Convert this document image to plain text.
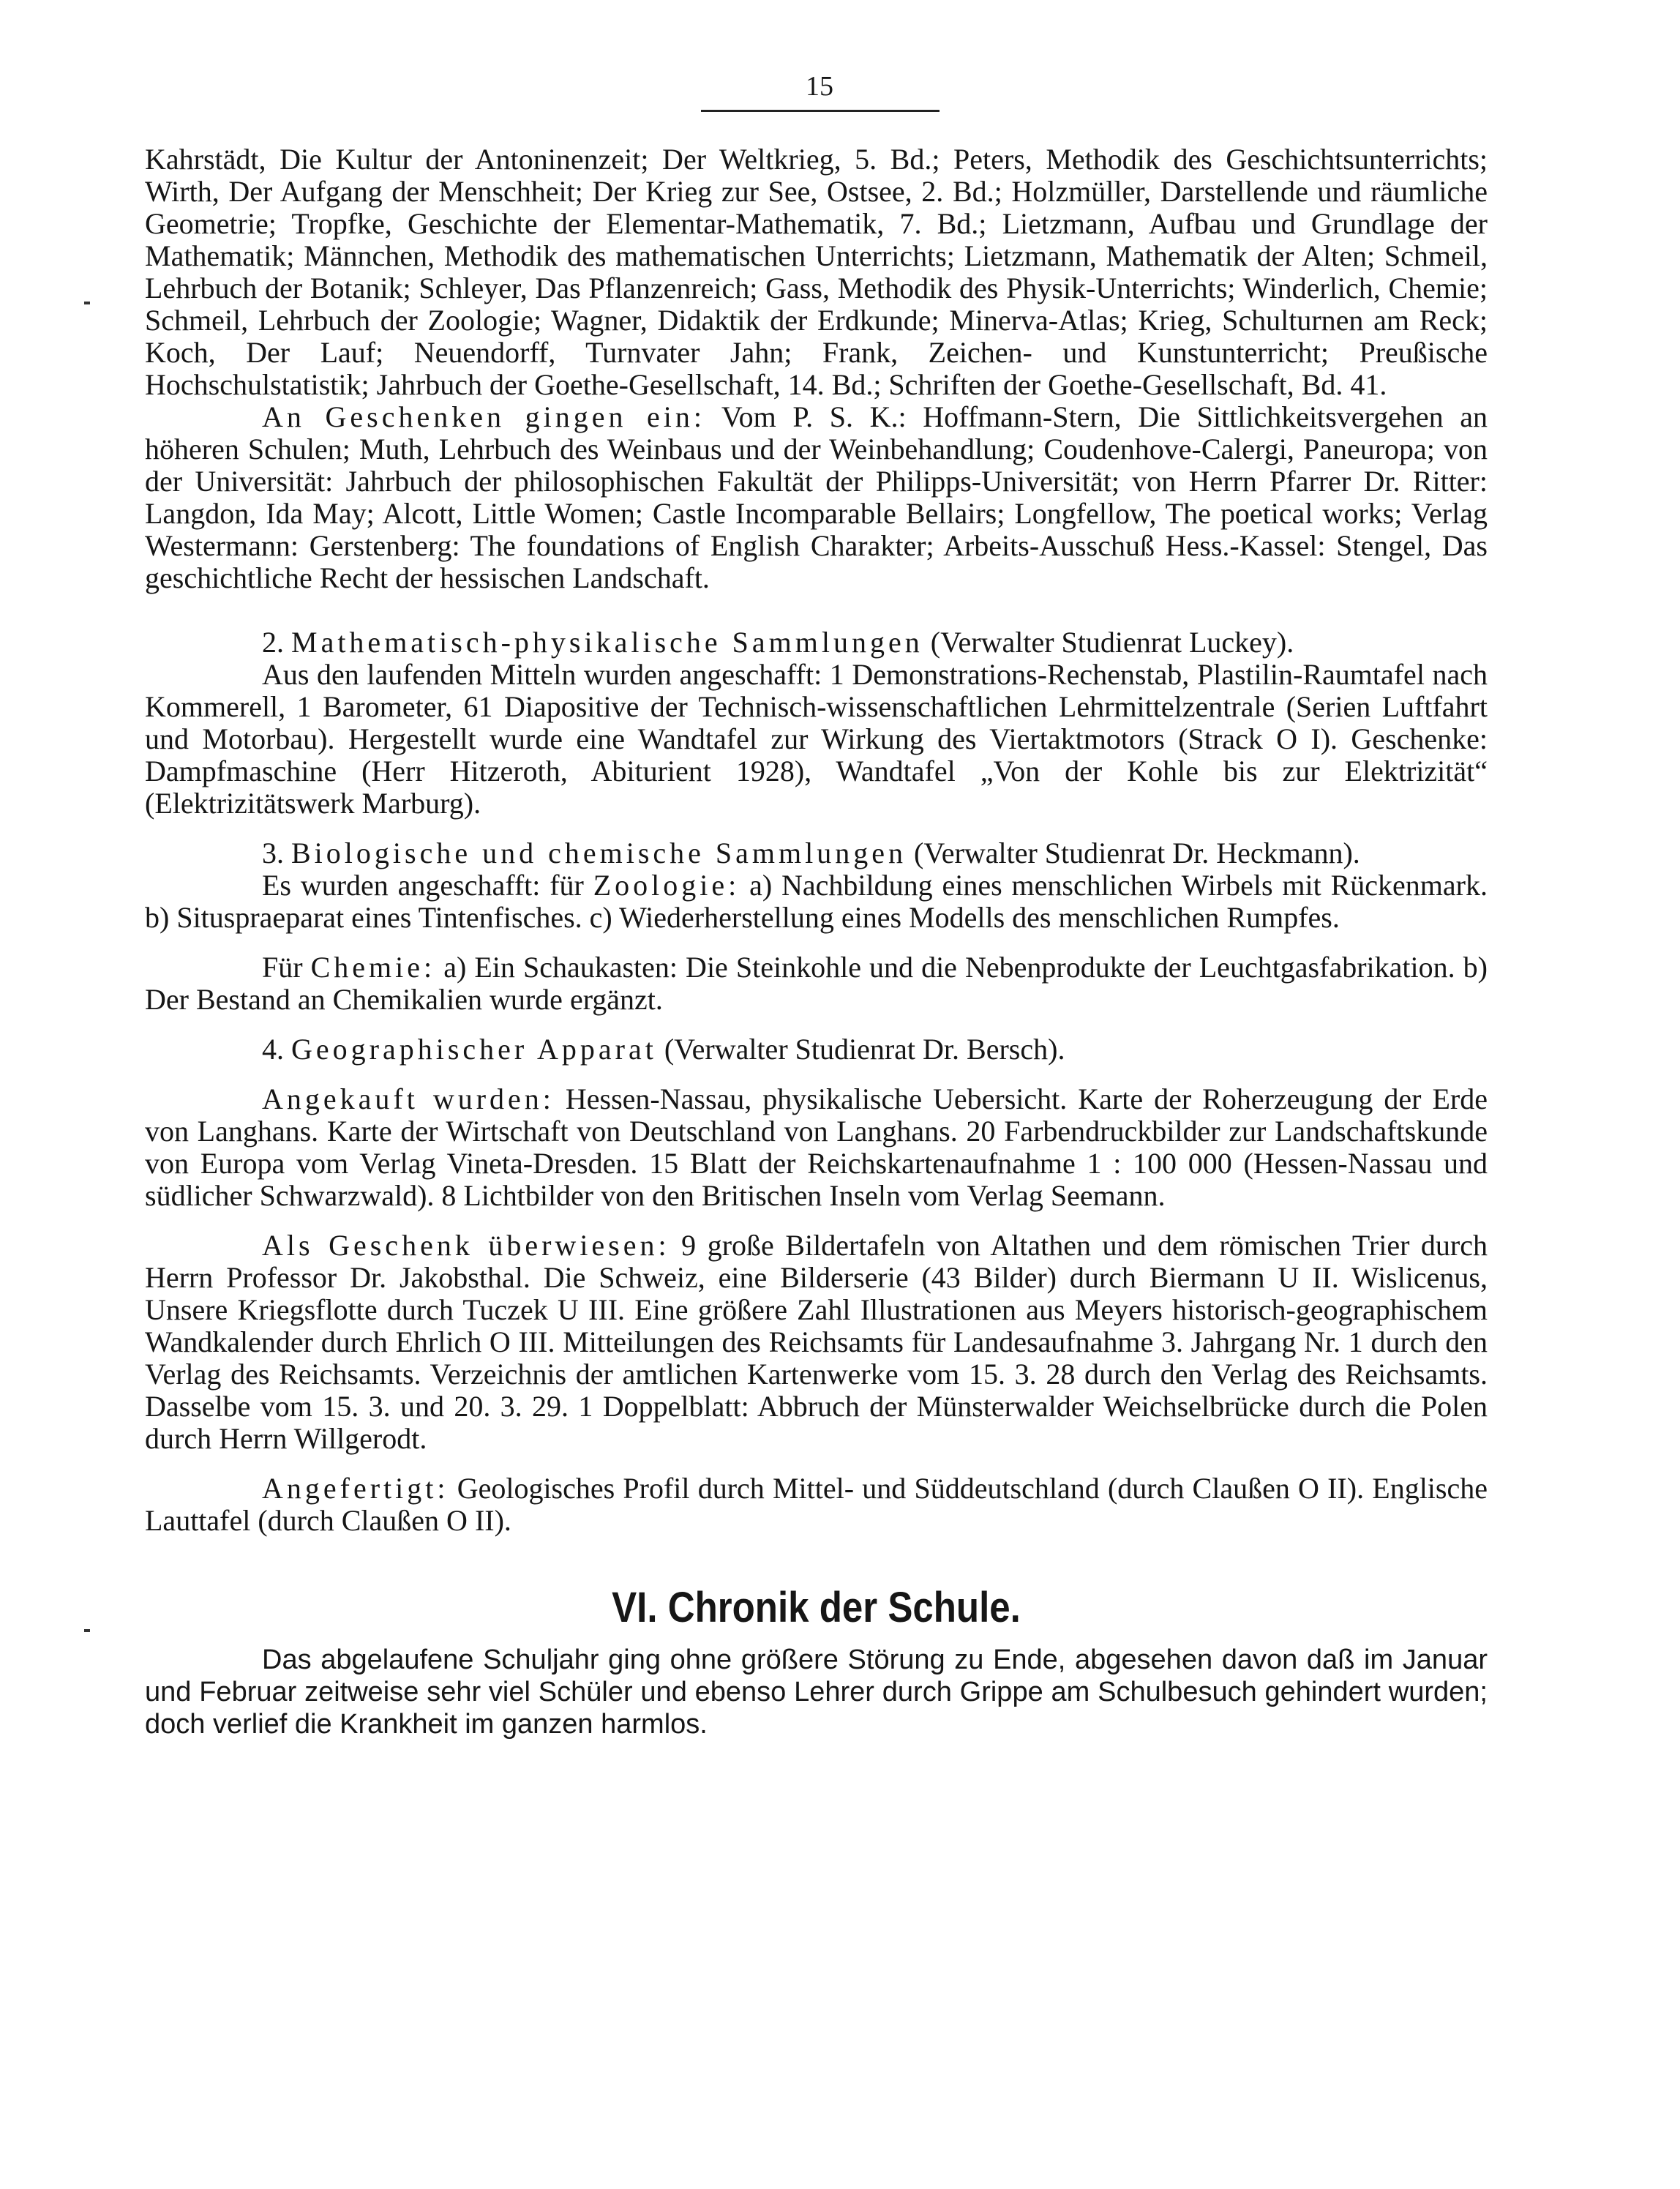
15

Kahrstädt, Die Kultur der Antoninenzeit; Der Weltkrieg, 5. Bd.; Peters, Methodik des Geschichtsunterrichts; Wirth, Der Aufgang der Menschheit; Der Krieg zur See, Ostsee, 2. Bd.; Holzmüller, Darstellende und räumliche Geometrie; Tropfke, Geschichte der Elementar-Mathematik, 7. Bd.; Lietzmann, Aufbau und Grundlage der Mathematik; Männchen, Methodik des mathematischen Unterrichts; Lietzmann, Mathematik der Alten; Schmeil, Lehrbuch der Botanik; Schleyer, Das Pflanzenreich; Gass, Methodik des Physik-Unterrichts; Winderlich, Chemie; Schmeil, Lehrbuch der Zoologie; Wagner, Didaktik der Erdkunde; Minerva-Atlas; Krieg, Schulturnen am Reck; Koch, Der Lauf; Neuendorff, Turnvater Jahn; Frank, Zeichen- und Kunstunterricht; Preußische Hochschulstatistik; Jahrbuch der Goethe-Gesellschaft, 14. Bd.; Schriften der Goethe-Gesellschaft, Bd. 41.

An Geschenken gingen ein: Vom P. S. K.: Hoffmann-Stern, Die Sittlichkeitsvergehen an höheren Schulen; Muth, Lehrbuch des Weinbaus und der Weinbehandlung; Coudenhove-Calergi, Paneuropa; von der Universität: Jahrbuch der philosophischen Fakultät der Philipps-Universität; von Herrn Pfarrer Dr. Ritter: Langdon, Ida May; Alcott, Little Women; Castle Incomparable Bellairs; Longfellow, The poetical works; Verlag Westermann: Gerstenberg: The foundations of English Charakter; Arbeits-Ausschuß Hess.-Kassel: Stengel, Das geschichtliche Recht der hessischen Landschaft.

2. Mathematisch-physikalische Sammlungen (Verwalter Studienrat Luckey).

Aus den laufenden Mitteln wurden angeschafft: 1 Demonstrations-Rechenstab, Plastilin-Raumtafel nach Kommerell, 1 Barometer, 61 Diapositive der Technisch-wissenschaftlichen Lehrmittelzentrale (Serien Luftfahrt und Motorbau). Hergestellt wurde eine Wandtafel zur Wirkung des Viertaktmotors (Strack O I). Geschenke: Dampfmaschine (Herr Hitzeroth, Abiturient 1928), Wandtafel „Von der Kohle bis zur Elektrizität“ (Elektrizitätswerk Marburg).

3. Biologische und chemische Sammlungen (Verwalter Studienrat Dr. Heckmann).

Es wurden angeschafft: für Zoologie: a) Nachbildung eines menschlichen Wirbels mit Rückenmark. b) Situspraeparat eines Tintenfisches. c) Wiederherstellung eines Modells des menschlichen Rumpfes.

Für Chemie: a) Ein Schaukasten: Die Steinkohle und die Nebenprodukte der Leuchtgasfabrikation. b) Der Bestand an Chemikalien wurde ergänzt.

4. Geographischer Apparat (Verwalter Studienrat Dr. Bersch).

Angekauft wurden: Hessen-Nassau, physikalische Uebersicht. Karte der Roherzeugung der Erde von Langhans. Karte der Wirtschaft von Deutschland von Langhans. 20 Farbendruckbilder zur Landschaftskunde von Europa vom Verlag Vineta-Dresden. 15 Blatt der Reichskartenaufnahme 1 : 100 000 (Hessen-Nassau und südlicher Schwarzwald). 8 Lichtbilder von den Britischen Inseln vom Verlag Seemann.

Als Geschenk überwiesen: 9 große Bildertafeln von Altathen und dem römischen Trier durch Herrn Professor Dr. Jakobsthal. Die Schweiz, eine Bilderserie (43 Bilder) durch Biermann U II. Wislicenus, Unsere Kriegsflotte durch Tuczek U III. Eine größere Zahl Illustrationen aus Meyers historisch-geographischem Wandkalender durch Ehrlich O III. Mitteilungen des Reichsamts für Landesaufnahme 3. Jahrgang Nr. 1 durch den Verlag des Reichsamts. Verzeichnis der amtlichen Kartenwerke vom 15. 3. 28 durch den Verlag des Reichsamts. Dasselbe vom 15. 3. und 20. 3. 29. 1 Doppelblatt: Abbruch der Münsterwalder Weichselbrücke durch die Polen durch Herrn Willgerodt.

Angefertigt: Geologisches Profil durch Mittel- und Süddeutschland (durch Claußen O II). Englische Lauttafel (durch Claußen O II).

VI. Chronik der Schule.

Das abgelaufene Schuljahr ging ohne größere Störung zu Ende, abgesehen davon daß im Januar und Februar zeitweise sehr viel Schüler und ebenso Lehrer durch Grippe am Schulbesuch gehindert wurden; doch verlief die Krankheit im ganzen harmlos.
